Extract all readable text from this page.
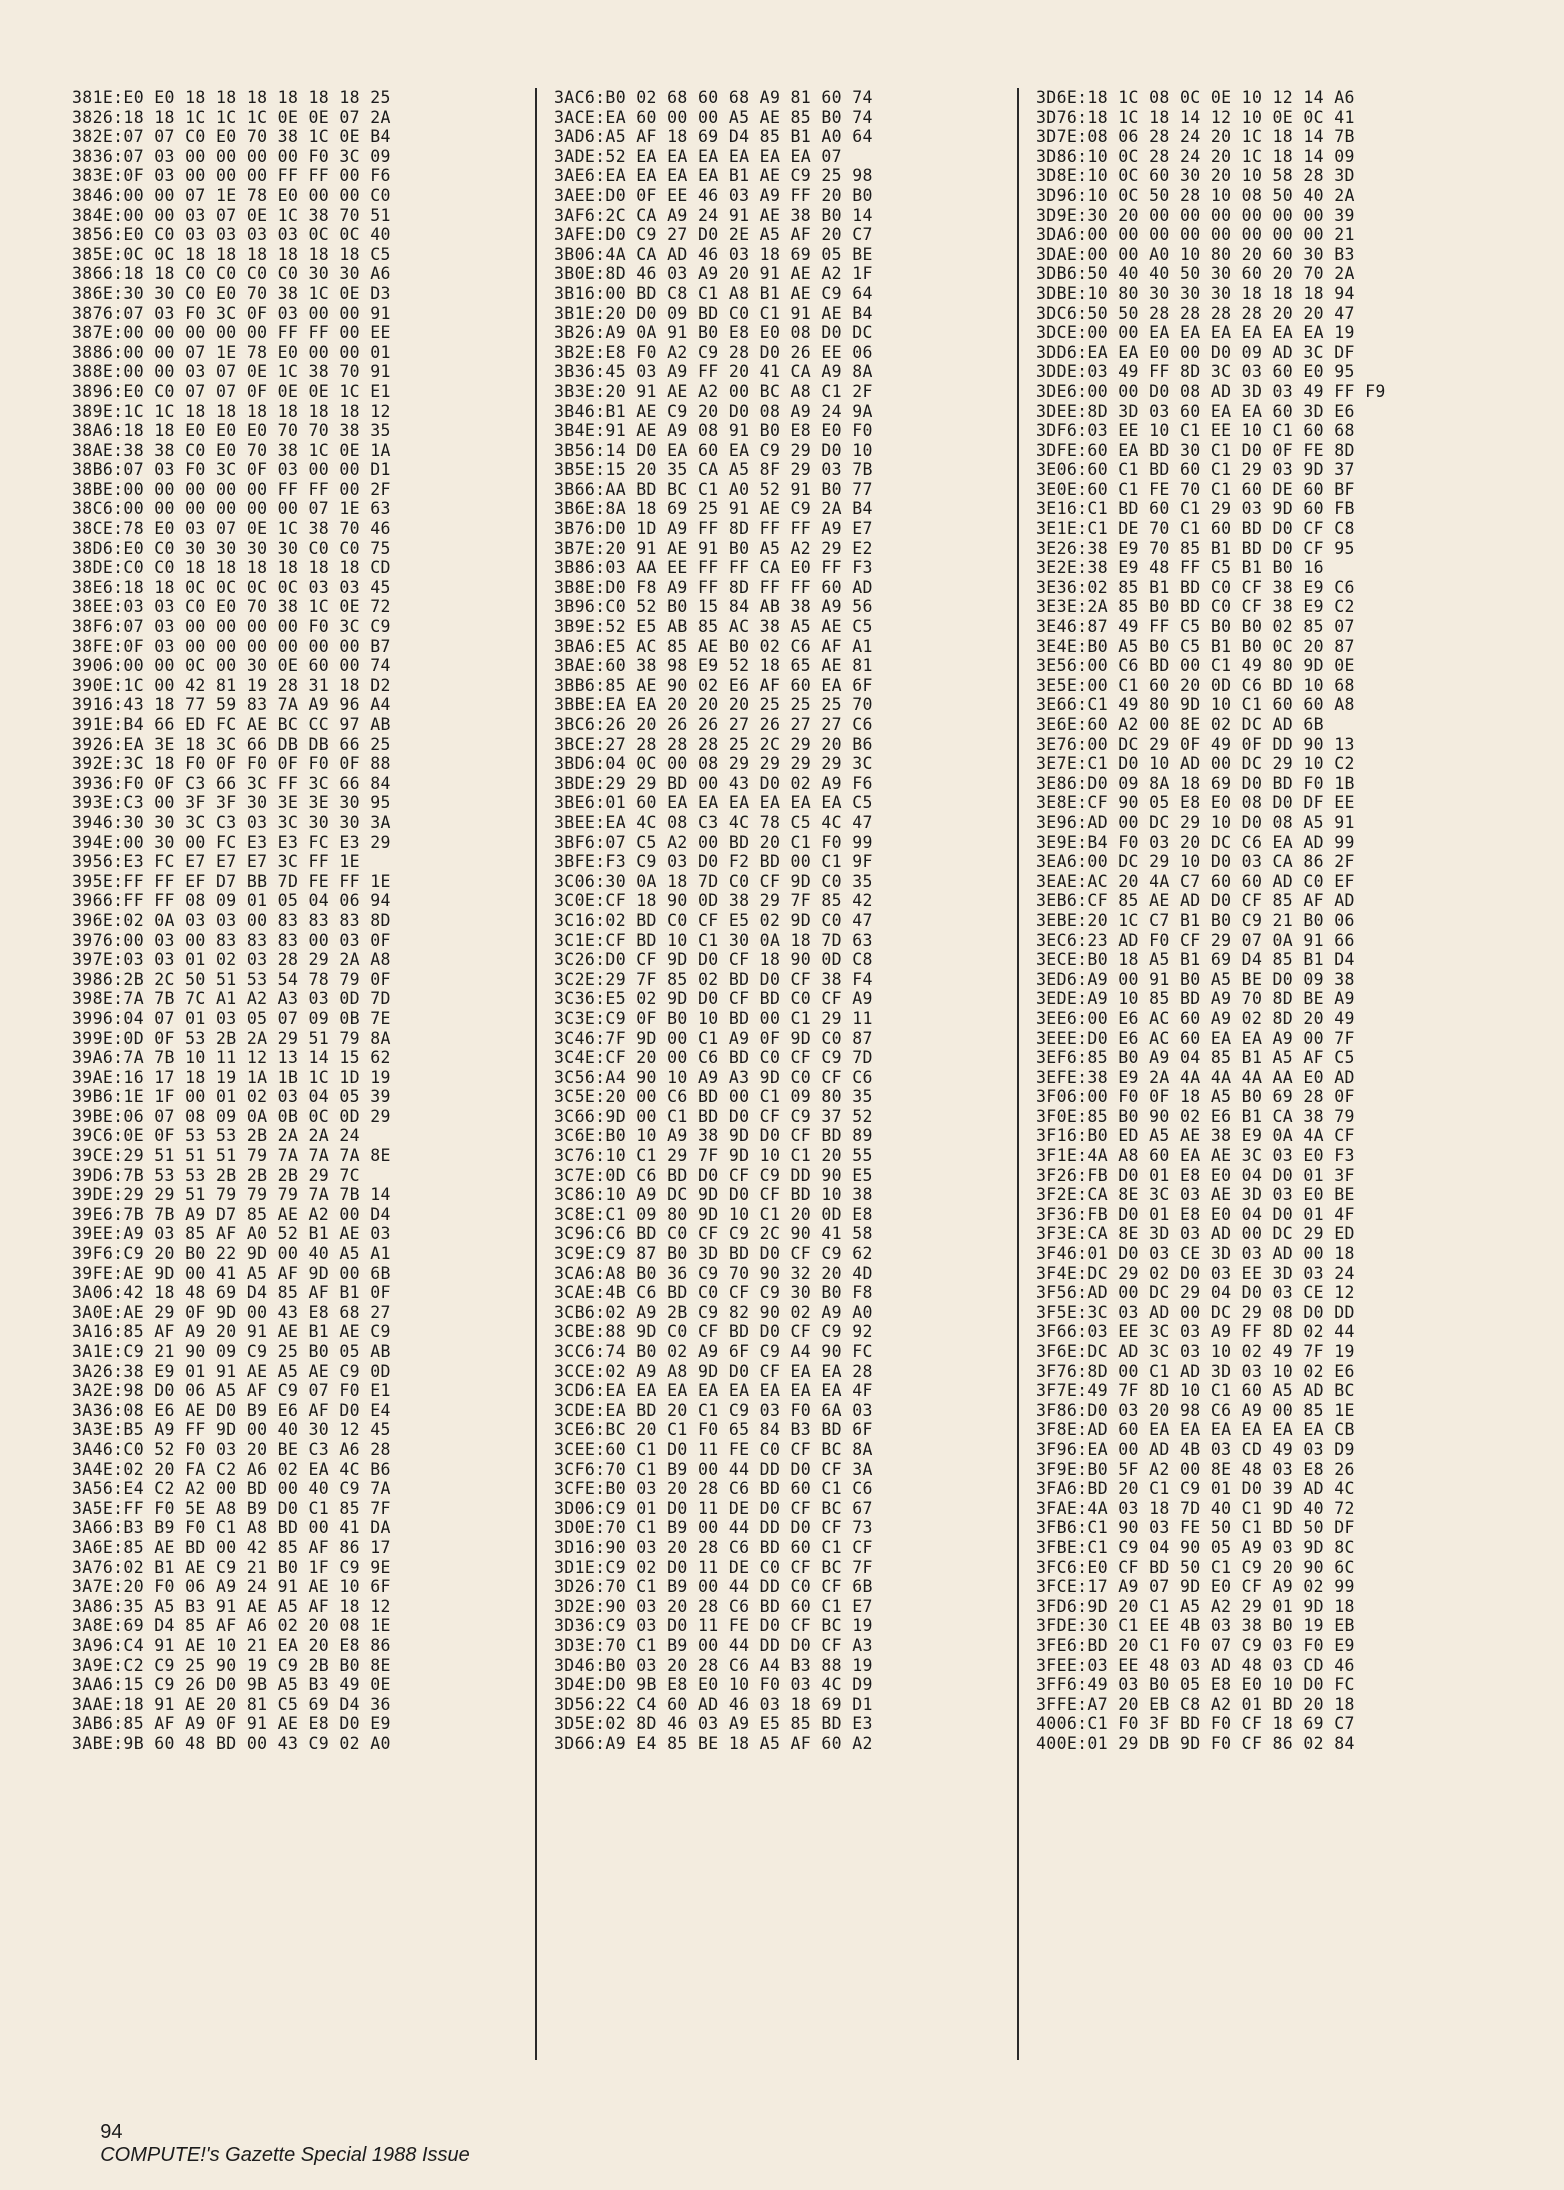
381E:E0 E0 18 18 18 18 18 18 25
3826:18 18 1C 1C 1C 0E 0E 07 2A
382E:07 07 C0 E0 70 38 1C 0E B4
3836:07 03 00 00 00 00 F0 3C 09
383E:0F 03 00 00 00 FF FF 00 F6
3846:00 00 07 1E 78 E0 00 00 C0
384E:00 00 03 07 0E 1C 38 70 51
3856:E0 C0 03 03 03 03 0C 0C 40
385E:0C 0C 18 18 18 18 18 18 C5
3866:18 18 C0 C0 C0 C0 30 30 A6
386E:30 30 C0 E0 70 38 1C 0E D3
3876:07 03 F0 3C 0F 03 00 00 91
387E:00 00 00 00 00 FF FF 00 EE
3886:00 00 07 1E 78 E0 00 00 01
388E:00 00 03 07 0E 1C 38 70 91
3896:E0 C0 07 07 0F 0E 0E 1C E1
389E:1C 1C 18 18 18 18 18 18 12
38A6:18 18 E0 E0 E0 70 70 38 35
38AE:38 38 C0 E0 70 38 1C 0E 1A
38B6:07 03 F0 3C 0F 03 00 00 D1
38BE:00 00 00 00 00 FF FF 00 2F
38C6:00 00 00 00 00 00 07 1E 63
38CE:78 E0 03 07 0E 1C 38 70 46
38D6:E0 C0 30 30 30 30 C0 C0 75
38DE:C0 C0 18 18 18 18 18 18 CD
38E6:18 18 0C 0C 0C 0C 03 03 45
38EE:03 03 C0 E0 70 38 1C 0E 72
38F6:07 03 00 00 00 00 F0 3C C9
38FE:0F 03 00 00 00 00 00 00 B7
3906:00 00 0C 00 30 0E 60 00 74
390E:1C 00 42 81 19 28 31 18 D2
3916:43 18 77 59 83 7A A9 96 A4
391E:B4 66 ED FC AE BC CC 97 AB
3926:EA 3E 18 3C 66 DB DB 66 25
392E:3C 18 F0 0F F0 0F F0 0F 88
3936:F0 0F C3 66 3C FF 3C 66 84
393E:C3 00 3F 3F 30 3E 3E 30 95
3946:30 30 3C C3 03 3C 30 30 3A
394E:00 30 00 FC E3 E3 FC E3 29
3956:E3 FC E7 E7 E7 3C FF 1E
395E:FF FF EF D7 BB 7D FE FF 1E
3966:FF FF 08 09 01 05 04 06 94
396E:02 0A 03 03 00 83 83 83 8D
3976:00 03 00 83 83 83 00 03 0F
397E:03 03 01 02 03 28 29 2A A8
3986:2B 2C 50 51 53 54 78 79 0F
398E:7A 7B 7C A1 A2 A3 03 0D 7D
3996:04 07 01 03 05 07 09 0B 7E
399E:0D 0F 53 2B 2A 29 51 79 8A
39A6:7A 7B 10 11 12 13 14 15 62
39AE:16 17 18 19 1A 1B 1C 1D 19
39B6:1E 1F 00 01 02 03 04 05 39
39BE:06 07 08 09 0A 0B 0C 0D 29
39C6:0E 0F 53 53 2B 2A 2A 24
39CE:29 51 51 51 79 7A 7A 7A 8E
39D6:7B 53 53 2B 2B 2B 29 7C
39DE:29 29 51 79 79 79 7A 7B 14
39E6:7B 7B A9 D7 85 AE A2 00 D4
39EE:A9 03 85 AF A0 52 B1 AE 03
39F6:C9 20 B0 22 9D 00 40 A5 A1
39FE:AE 9D 00 41 A5 AF 9D 00 6B
3A06:42 18 48 69 D4 85 AF B1 0F
3A0E:AE 29 0F 9D 00 43 E8 68 27
3A16:85 AF A9 20 91 AE B1 AE C9
3A1E:C9 21 90 09 C9 25 B0 05 AB
3A26:38 E9 01 91 AE A5 AE C9 0D
3A2E:98 D0 06 A5 AF C9 07 F0 E1
3A36:08 E6 AE D0 B9 E6 AF D0 E4
3A3E:B5 A9 FF 9D 00 40 30 12 45
3A46:C0 52 F0 03 20 BE C3 A6 28
3A4E:02 20 FA C2 A6 02 EA 4C B6
3A56:E4 C2 A2 00 BD 00 40 C9 7A
3A5E:FF F0 5E A8 B9 D0 C1 85 7F
3A66:B3 B9 F0 C1 A8 BD 00 41 DA
3A6E:85 AE BD 00 42 85 AF 86 17
3A76:02 B1 AE C9 21 B0 1F C9 9E
3A7E:20 F0 06 A9 24 91 AE 10 6F
3A86:35 A5 B3 91 AE A5 AF 18 12
3A8E:69 D4 85 AF A6 02 20 08 1E
3A96:C4 91 AE 10 21 EA 20 E8 86
3A9E:C2 C9 25 90 19 C9 2B B0 8E
3AA6:15 C9 26 D0 9B A5 B3 49 0E
3AAE:18 91 AE 20 81 C5 69 D4 36
3AB6:85 AF A9 0F 91 AE E8 D0 E9
3ABE:9B 60 48 BD 00 43 C9 02 A0
3AC6:B0 02 68 60 68 A9 81 60 74
3ACE:EA 60 00 00 A5 AE 85 B0 74
3AD6:A5 AF 18 69 D4 85 B1 A0 64
3ADE:52 EA EA EA EA EA EA 07
3AE6:EA EA EA EA B1 AE C9 25 98
3AEE:D0 0F EE 46 03 A9 FF 20 B0
3AF6:2C CA A9 24 91 AE 38 B0 14
3AFE:D0 C9 27 D0 2E A5 AF 20 C7
3B06:4A CA AD 46 03 18 69 05 BE
3B0E:8D 46 03 A9 20 91 AE A2 1F
3B16:00 BD C8 C1 A8 B1 AE C9 64
3B1E:20 D0 09 BD C0 C1 91 AE B4
3B26:A9 0A 91 B0 E8 E0 08 D0 DC
3B2E:E8 F0 A2 C9 28 D0 26 EE 06
3B36:45 03 A9 FF 20 41 CA A9 8A
3B3E:20 91 AE A2 00 BC A8 C1 2F
3B46:B1 AE C9 20 D0 08 A9 24 9A
3B4E:91 AE A9 08 91 B0 E8 E0 F0
3B56:14 D0 EA 60 EA C9 29 D0 10
3B5E:15 20 35 CA A5 8F 29 03 7B
3B66:AA BD BC C1 A0 52 91 B0 77
3B6E:8A 18 69 25 91 AE C9 2A B4
3B76:D0 1D A9 FF 8D FF FF A9 E7
3B7E:20 91 AE 91 B0 A5 A2 29 E2
3B86:03 AA EE FF FF CA E0 FF F3
3B8E:D0 F8 A9 FF 8D FF FF 60 AD
3B96:C0 52 B0 15 84 AB 38 A9 56
3B9E:52 E5 AB 85 AC 38 A5 AE C5
3BA6:E5 AC 85 AE B0 02 C6 AF A1
3BAE:60 38 98 E9 52 18 65 AE 81
3BB6:85 AE 90 02 E6 AF 60 EA 6F
3BBE:EA EA 20 20 20 25 25 25 70
3BC6:26 20 26 26 27 26 27 27 C6
3BCE:27 28 28 28 25 2C 29 20 B6
3BD6:04 0C 00 08 29 29 29 29 3C
3BDE:29 29 BD 00 43 D0 02 A9 F6
3BE6:01 60 EA EA EA EA EA EA C5
3BEE:EA 4C 08 C3 4C 78 C5 4C 47
3BF6:07 C5 A2 00 BD 20 C1 F0 99
3BFE:F3 C9 03 D0 F2 BD 00 C1 9F
3C06:30 0A 18 7D C0 CF 9D C0 35
3C0E:CF 18 90 0D 38 29 7F 85 42
3C16:02 BD C0 CF E5 02 9D C0 47
3C1E:CF BD 10 C1 30 0A 18 7D 63
3C26:D0 CF 9D D0 CF 18 90 0D C8
3C2E:29 7F 85 02 BD D0 CF 38 F4
3C36:E5 02 9D D0 CF BD C0 CF A9
3C3E:C9 0F B0 10 BD 00 C1 29 11
3C46:7F 9D 00 C1 A9 0F 9D C0 87
3C4E:CF 20 00 C6 BD C0 CF C9 7D
3C56:A4 90 10 A9 A3 9D C0 CF C6
3C5E:20 00 C6 BD 00 C1 09 80 35
3C66:9D 00 C1 BD D0 CF C9 37 52
3C6E:B0 10 A9 38 9D D0 CF BD 89
3C76:10 C1 29 7F 9D 10 C1 20 55
3C7E:0D C6 BD D0 CF C9 DD 90 E5
3C86:10 A9 DC 9D D0 CF BD 10 38
3C8E:C1 09 80 9D 10 C1 20 0D E8
3C96:C6 BD C0 CF C9 2C 90 41 58
3C9E:C9 87 B0 3D BD D0 CF C9 62
3CA6:A8 B0 36 C9 70 90 32 20 4D
3CAE:4B C6 BD C0 CF C9 30 B0 F8
3CB6:02 A9 2B C9 82 90 02 A9 A0
3CBE:88 9D C0 CF BD D0 CF C9 92
3CC6:74 B0 02 A9 6F C9 A4 90 FC
3CCE:02 A9 A8 9D D0 CF EA EA 28
3CD6:EA EA EA EA EA EA EA EA 4F
3CDE:EA BD 20 C1 C9 03 F0 6A 03
3CE6:BC 20 C1 F0 65 84 B3 BD 6F
3CEE:60 C1 D0 11 FE C0 CF BC 8A
3CF6:70 C1 B9 00 44 DD D0 CF 3A
3CFE:B0 03 20 28 C6 BD 60 C1 C6
3D06:C9 01 D0 11 DE D0 CF BC 67
3D0E:70 C1 B9 00 44 DD D0 CF 73
3D16:90 03 20 28 C6 BD 60 C1 CF
3D1E:C9 02 D0 11 DE C0 CF BC 7F
3D26:70 C1 B9 00 44 DD C0 CF 6B
3D2E:90 03 20 28 C6 BD 60 C1 E7
3D36:C9 03 D0 11 FE D0 CF BC 19
3D3E:70 C1 B9 00 44 DD D0 CF A3
3D46:B0 03 20 28 C6 A4 B3 88 19
3D4E:D0 9B E8 E0 10 F0 03 4C D9
3D56:22 C4 60 AD 46 03 18 69 D1
3D5E:02 8D 46 03 A9 E5 85 BD E3
3D66:A9 E4 85 BE 18 A5 AF 60 A2
3D6E:18 1C 08 0C 0E 10 12 14 A6
3D76:18 1C 18 14 12 10 0E 0C 41
3D7E:08 06 28 24 20 1C 18 14 7B
3D86:10 0C 28 24 20 1C 18 14 09
3D8E:10 0C 60 30 20 10 58 28 3D
3D96:10 0C 50 28 10 08 50 40 2A
3D9E:30 20 00 00 00 00 00 00 39
3DA6:00 00 00 00 00 00 00 00 21
3DAE:00 00 A0 10 80 20 60 30 B3
3DB6:50 40 40 50 30 60 20 70 2A
3DBE:10 80 30 30 30 18 18 18 94
3DC6:50 50 28 28 28 28 20 20 47
3DCE:00 00 EA EA EA EA EA EA 19
3DD6:EA EA E0 00 D0 09 AD 3C DF
3DDE:03 49 FF 8D 3C 03 60 E0 95
3DE6:00 00 D0 08 AD 3D 03 49 FF F9
3DEE:8D 3D 03 60 EA EA 60 3D E6
3DF6:03 EE 10 C1 EE 10 C1 60 68
3DFE:60 EA BD 30 C1 D0 0F FE 8D
3E06:60 C1 BD 60 C1 29 03 9D 37
3E0E:60 C1 FE 70 C1 60 DE 60 BF
3E16:C1 BD 60 C1 29 03 9D 60 FB
3E1E:C1 DE 70 C1 60 BD D0 CF C8
3E26:38 E9 70 85 B1 BD D0 CF 95
3E2E:38 E9 48 FF C5 B1 B0 16
3E36:02 85 B1 BD C0 CF 38 E9 C6
3E3E:2A 85 B0 BD C0 CF 38 E9 C2
3E46:87 49 FF C5 B0 B0 02 85 07
3E4E:B0 A5 B0 C5 B1 B0 0C 20 87
3E56:00 C6 BD 00 C1 49 80 9D 0E
3E5E:00 C1 60 20 0D C6 BD 10 68
3E66:C1 49 80 9D 10 C1 60 60 A8
3E6E:60 A2 00 8E 02 DC AD 6B
3E76:00 DC 29 0F 49 0F DD 90 13
3E7E:C1 D0 10 AD 00 DC 29 10 C2
3E86:D0 09 8A 18 69 D0 BD F0 1B
3E8E:CF 90 05 E8 E0 08 D0 DF EE
3E96:AD 00 DC 29 10 D0 08 A5 91
3E9E:B4 F0 03 20 DC C6 EA AD 99
3EA6:00 DC 29 10 D0 03 CA 86 2F
3EAE:AC 20 4A C7 60 60 AD C0 EF
3EB6:CF 85 AE AD D0 CF 85 AF AD
3EBE:20 1C C7 B1 B0 C9 21 B0 06
3EC6:23 AD F0 CF 29 07 0A 91 66
3ECE:B0 18 A5 B1 69 D4 85 B1 D4
3ED6:A9 00 91 B0 A5 BE D0 09 38
3EDE:A9 10 85 BD A9 70 8D BE A9
3EE6:00 E6 AC 60 A9 02 8D 20 49
3EEE:D0 E6 AC 60 EA EA A9 00 7F
3EF6:85 B0 A9 04 85 B1 A5 AF C5
3EFE:38 E9 2A 4A 4A 4A AA E0 AD
3F06:00 F0 0F 18 A5 B0 69 28 0F
3F0E:85 B0 90 02 E6 B1 CA 38 79
3F16:B0 ED A5 AE 38 E9 0A 4A CF
3F1E:4A A8 60 EA AE 3C 03 E0 F3
3F26:FB D0 01 E8 E0 04 D0 01 3F
3F2E:CA 8E 3C 03 AE 3D 03 E0 BE
3F36:FB D0 01 E8 E0 04 D0 01 4F
3F3E:CA 8E 3D 03 AD 00 DC 29 ED
3F46:01 D0 03 CE 3D 03 AD 00 18
3F4E:DC 29 02 D0 03 EE 3D 03 24
3F56:AD 00 DC 29 04 D0 03 CE 12
3F5E:3C 03 AD 00 DC 29 08 D0 DD
3F66:03 EE 3C 03 A9 FF 8D 02 44
3F6E:DC AD 3C 03 10 02 49 7F 19
3F76:8D 00 C1 AD 3D 03 10 02 E6
3F7E:49 7F 8D 10 C1 60 A5 AD BC
3F86:D0 03 20 98 C6 A9 00 85 1E
3F8E:AD 60 EA EA EA EA EA EA CB
3F96:EA 00 AD 4B 03 CD 49 03 D9
3F9E:B0 5F A2 00 8E 48 03 E8 26
3FA6:BD 20 C1 C9 01 D0 39 AD 4C
3FAE:4A 03 18 7D 40 C1 9D 40 72
3FB6:C1 90 03 FE 50 C1 BD 50 DF
3FBE:C1 C9 04 90 05 A9 03 9D 8C
3FC6:E0 CF BD 50 C1 C9 20 90 6C
3FCE:17 A9 07 9D E0 CF A9 02 99
3FD6:9D 20 C1 A5 A2 29 01 9D 18
3FDE:30 C1 EE 4B 03 38 B0 19 EB
3FE6:BD 20 C1 F0 07 C9 03 F0 E9
3FEE:03 EE 48 03 AD 48 03 CD 46
3FF6:49 03 B0 05 E8 E0 10 D0 FC
3FFE:A7 20 EB C8 A2 01 BD 20 18
4006:C1 F0 3F BD F0 CF 18 69 C7
400E:01 29 DB 9D F0 CF 86 02 84

94
COMPUTE!'s Gazette Special 1988 Issue
